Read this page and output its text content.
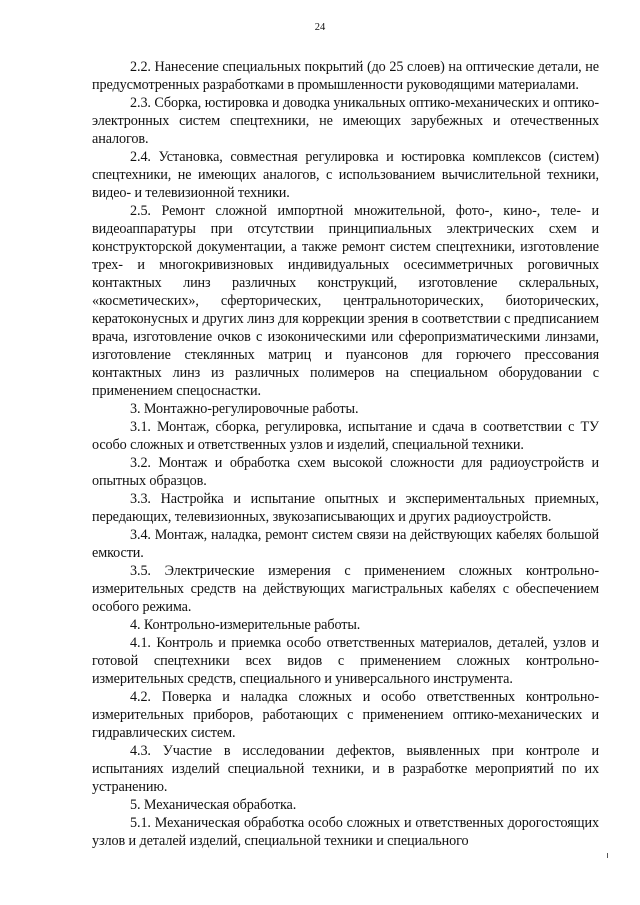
24

2.2. Нанесение специальных покрытий (до 25 слоев) на оптические детали, не предусмотренных разработками в промышленности руководящими материалами.

2.3. Сборка, юстировка и доводка уникальных оптико-механических и оптико-электронных систем спецтехники, не имеющих зарубежных и отечественных аналогов.

2.4. Установка, совместная регулировка и юстировка комплексов (систем) спецтехники, не имеющих аналогов, с использованием вычислительной техники, видео- и телевизионной техники.

2.5. Ремонт сложной импортной множительной, фото-, кино-, теле- и видеоаппаратуры при отсутствии принципиальных электрических схем и конструкторской документации, а также ремонт систем спецтехники, изготовление трех- и многокривизновых индивидуальных осесимметричных роговичных контактных линз различных конструкций, изготовление склеральных, «косметических», сферторических, центральноторических, биоторических, кератоконусных и других линз для коррекции зрения в соответствии с предписанием врача, изготовление очков с изоконическими или сферопризматическими линзами, изготовление стеклянных матриц и пуансонов для горючего прессования контактных линз из различных полимеров на специальном оборудовании с применением спецоснастки.

3. Монтажно-регулировочные работы.

3.1. Монтаж, сборка, регулировка, испытание и сдача в соответствии с ТУ особо сложных и ответственных узлов и изделий, специальной техники.

3.2. Монтаж и обработка схем высокой сложности для радиоустройств и опытных образцов.

3.3. Настройка и испытание опытных и экспериментальных приемных, передающих, телевизионных, звукозаписывающих и других радиоустройств.

3.4. Монтаж, наладка, ремонт систем связи на действующих кабелях большой емкости.

3.5. Электрические измерения с применением сложных контрольно-измерительных средств на действующих магистральных кабелях с обеспечением особого режима.

4. Контрольно-измерительные работы.

4.1. Контроль и приемка особо ответственных материалов, деталей, узлов и готовой спецтехники всех видов с применением сложных контрольно-измерительных средств, специального и универсального инструмента.

4.2. Поверка и наладка сложных и особо ответственных контрольно-измерительных приборов, работающих с применением оптико-механических и гидравлических систем.

4.3. Участие в исследовании дефектов, выявленных при контроле и испытаниях изделий специальной техники, и в разработке мероприятий по их устранению.

5. Механическая обработка.

5.1. Механическая обработка особо сложных и ответственных дорогостоящих узлов и деталей изделий, специальной техники и специального
